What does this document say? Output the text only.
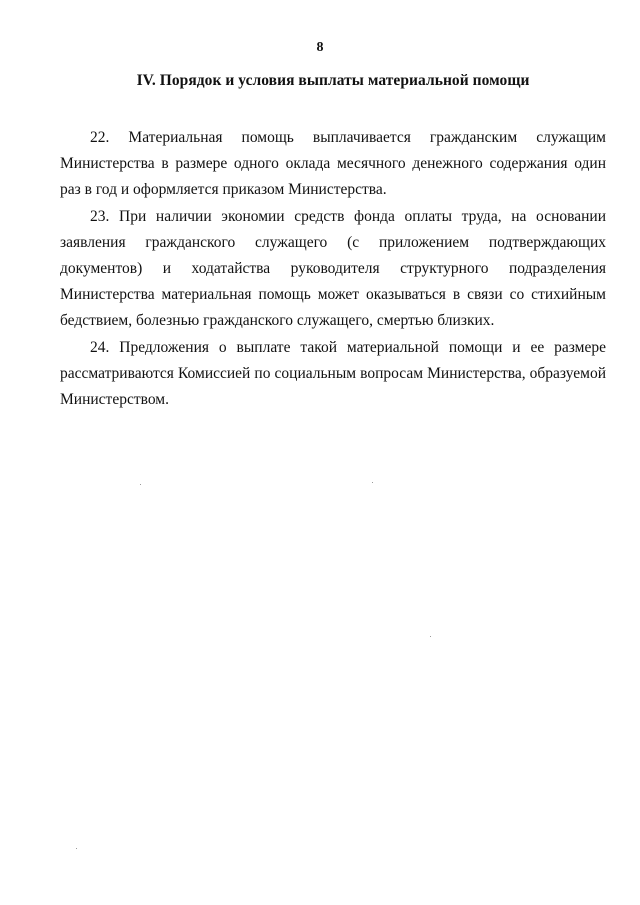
8
IV. Порядок и условия выплаты материальной помощи

22. Материальная помощь выплачивается гражданским служащим Министерства в размере одного оклада месячного денежного содержания один раз в год и оформляется приказом Министерства.

23. При наличии экономии средств фонда оплаты труда, на основании заявления гражданского служащего (с приложением подтверждающих документов) и ходатайства руководителя структурного подразделения Министерства материальная помощь может оказываться в связи со стихийным бедствием, болезнью гражданского служащего, смертью близких.

24. Предложения о выплате такой материальной помощи и ее размере рассматриваются Комиссией по социальным вопросам Министерства, образуемой Министерством.
